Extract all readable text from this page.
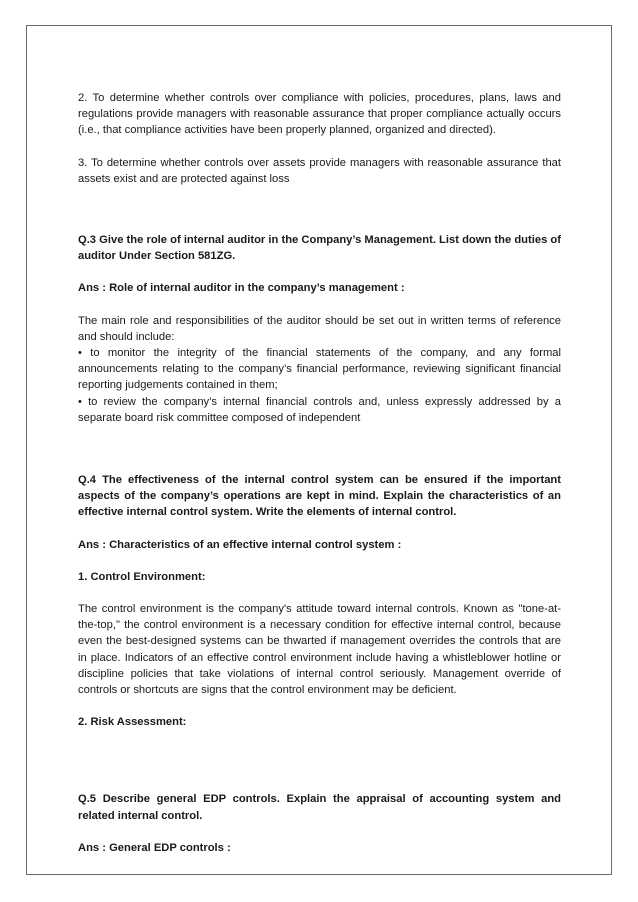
2. To determine whether controls over compliance with policies, procedures, plans, laws and regulations provide managers with reasonable assurance that proper compliance actually occurs (i.e., that compliance activities have been properly planned, organized and directed).

3. To determine whether controls over assets provide managers with reasonable assurance that assets exist and are protected against loss

Q.3 Give the role of internal auditor in the Company’s Management. List down the duties of auditor Under Section 581ZG.

Ans : Role of internal auditor in the company’s management :

The main role and responsibilities of the auditor should be set out in written terms of reference and should include:

• to monitor the integrity of the financial statements of the company, and any formal announcements relating to the company’s financial performance, reviewing significant financial reporting judgements contained in them;

• to review the company’s internal financial controls and, unless expressly addressed by a separate board risk committee composed of independent

Q.4 The effectiveness of the internal control system can be ensured if the important aspects of the company’s operations are kept in mind. Explain the characteristics of an effective internal control system. Write the elements of internal control.

Ans : Characteristics of an effective internal control system :

1. Control Environment:

The control environment is the company's attitude toward internal controls. Known as "tone-at-the-top," the control environment is a necessary condition for effective internal control, because even the best-designed systems can be thwarted if management overrides the controls that are in place. Indicators of an effective control environment include having a whistleblower hotline or discipline policies that take violations of internal control seriously. Management override of controls or shortcuts are signs that the control environment may be deficient.

2. Risk Assessment:

Q.5 Describe general EDP controls. Explain the appraisal of accounting system and related internal control.

Ans : General EDP controls :
